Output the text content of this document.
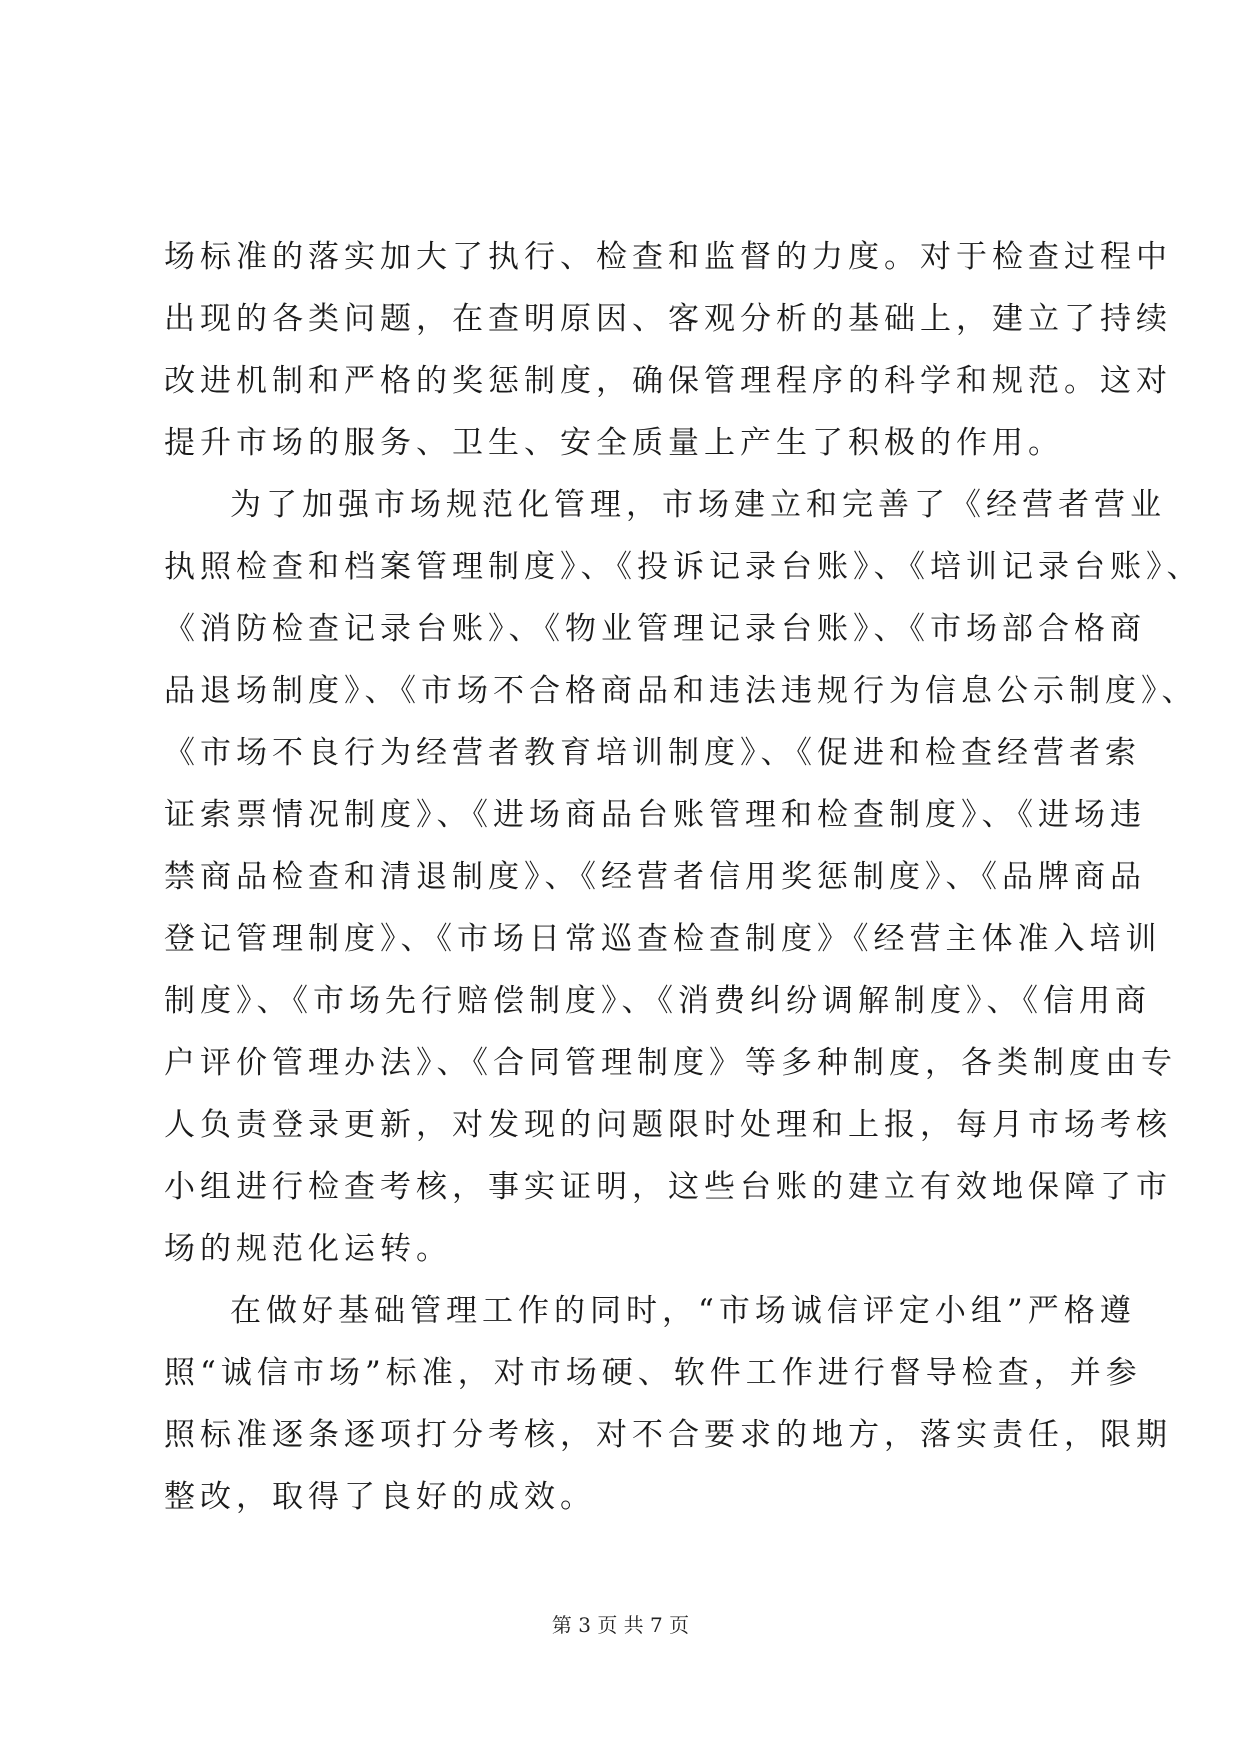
场标准的落实加大了执行、检查和监督的力度。对于检查过程中
出现的各类问题，在查明原因、客观分析的基础上，建立了持续
改进机制和严格的奖惩制度，确保管理程序的科学和规范。这对
提升市场的服务、卫生、安全质量上产生了积极的作用。
为了加强市场规范化管理，市场建立和完善了《经营者营业
执照检查和档案管理制度》、《投诉记录台账》、《培训记录台账》、
《消防检查记录台账》、《物业管理记录台账》、《市场部合格商
品退场制度》、《市场不合格商品和违法违规行为信息公示制度》、
《市场不良行为经营者教育培训制度》、《促进和检查经营者索
证索票情况制度》、《进场商品台账管理和检查制度》、《进场违
禁商品检查和清退制度》、《经营者信用奖惩制度》、《品牌商品
登记管理制度》、《市场日常巡查检查制度》《经营主体准入培训
制度》、《市场先行赔偿制度》、《消费纠纷调解制度》、《信用商
户评价管理办法》、《合同管理制度》等多种制度，各类制度由专
人负责登录更新，对发现的问题限时处理和上报，每月市场考核
小组进行检查考核，事实证明，这些台账的建立有效地保障了市
场的规范化运转。
在做好基础管理工作的同时，“市场诚信评定小组”严格遵
照“诚信市场”标准，对市场硬、软件工作进行督导检查，并参
照标准逐条逐项打分考核，对不合要求的地方，落实责任，限期
整改，取得了良好的成效。
第 3 页 共 7 页
